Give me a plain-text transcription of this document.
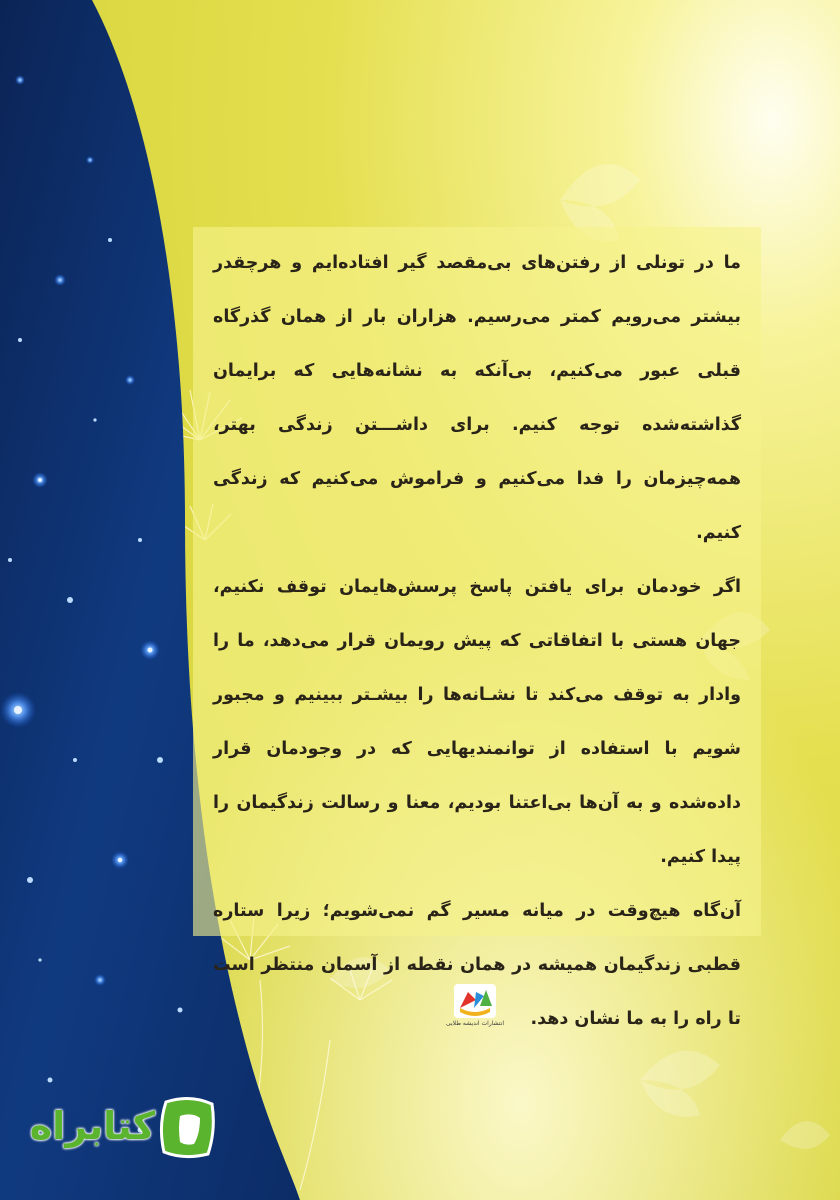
ما در تونلی از رفتن‌های بی‌مقصد گیر افتاده‌ایم و هرچقدر بیشتر می‌رویم کمتر می‌رسیم. هزاران بار از همان گذرگاه قبلی عبور می‌کنیم، بی‌آنکه به نشانه‌هایی که برایمان گذاشته‌شده توجه کنیم. برای داشـــتن زندگی بهتر، همه‌چیزمان را فدا می‌کنیم و فراموش می‌کنیم که زندگی کنیم.

اگر خودمان برای یافتن پاسخ پرسش‌هایمان توقف نکنیم، جهان هستی با اتفاقاتی که پیش رویمان قرار می‌دهد، ما را وادار به توقف می‌کند تا نشـانه‌ها را بیشـتر ببینیم و مجبور شویم با استفاده از توانمندیهایی که در وجودمان قرار داده‌شده و به آن‌ها بی‌اعتنا بودیم، معنا و رسالت زندگیمان را پیدا کنیم.

آن‌گاه هیچ‌وقت در میانه مسیر گم نمی‌شویم؛ زیرا ستاره قطبی زندگیمان همیشه در همان نقطه از آسمان منتظر است تا راه را به ما نشان دهد.

انتشارات اندیشه طلایی
کتابراه
